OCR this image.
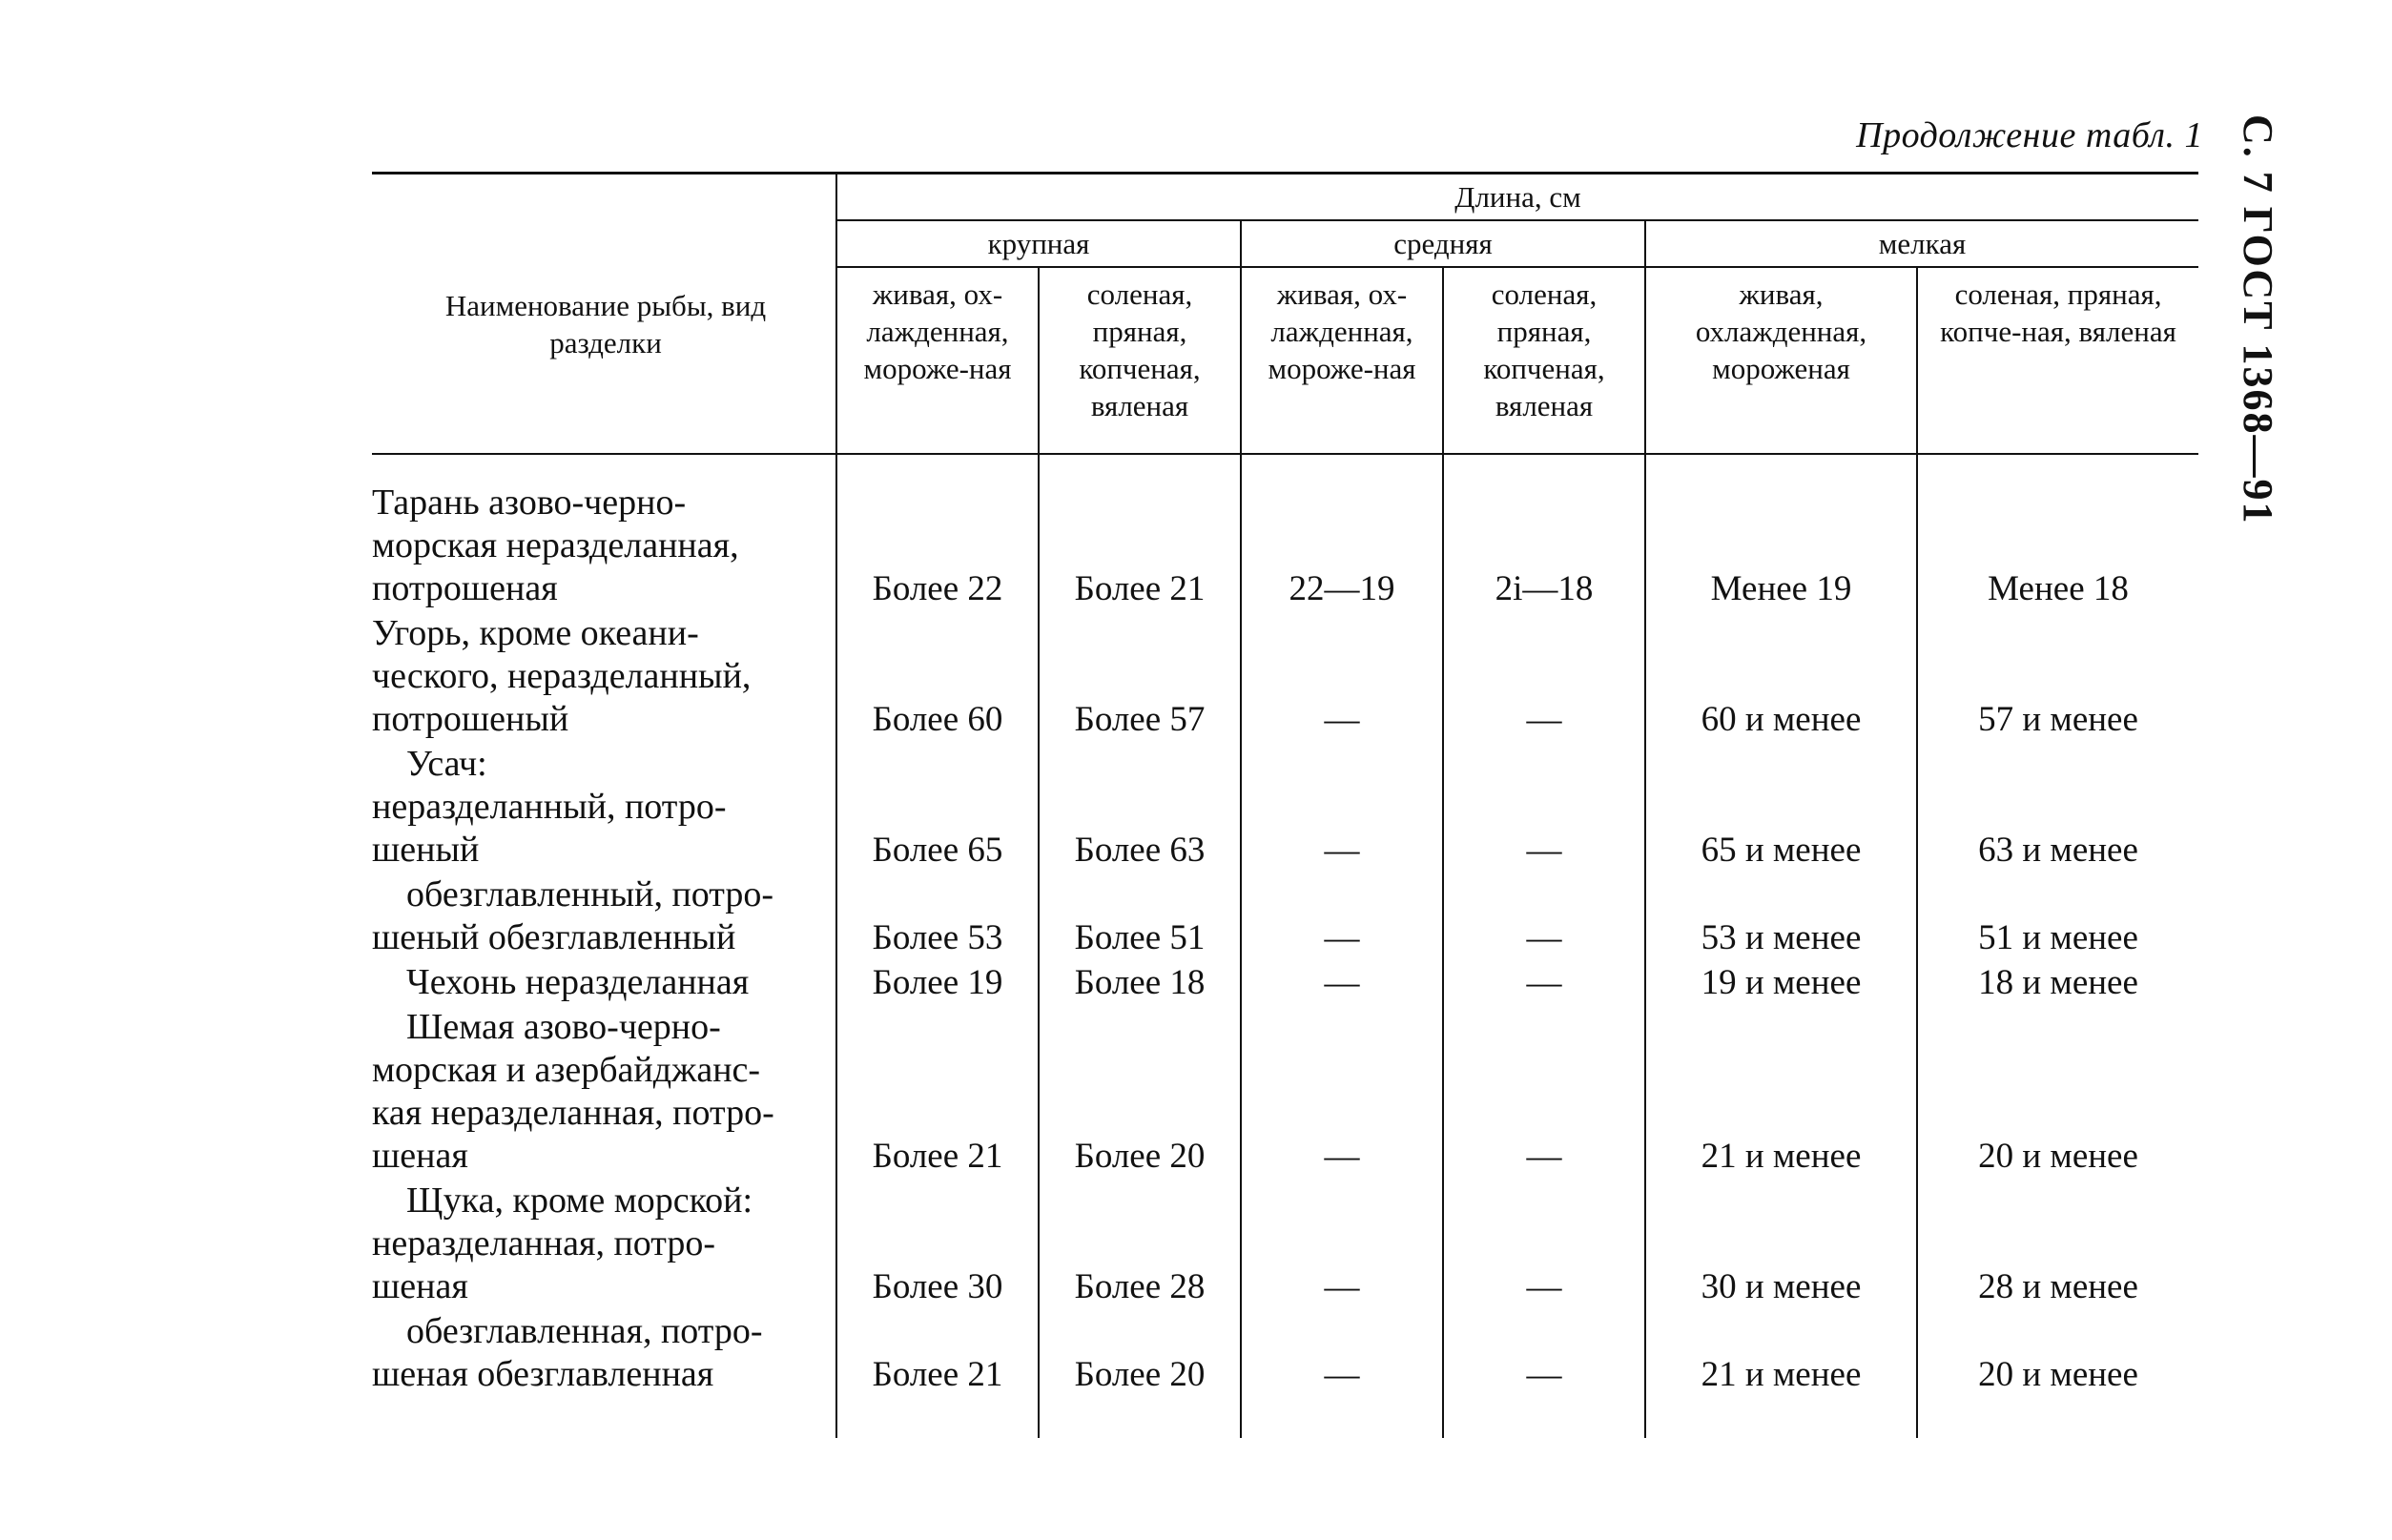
Продолжение табл. 1 С. 7 ГОСТ 1368—91
Наименование рыбы, вид разделки	Длина, см					
	крупная		средняя		мелкая	
	живая, ох-лажденная, мороже-ная	соленая, пряная, копченая, вяленая	живая, ох-лажденная, мороже-ная	соленая, пряная, копченая, вяленая	живая, охлажденная, мороженая	соленая, пряная, копче-ная, вяленая

Тарань азово-черно-
морская неразделанная,
потрошеная	Более 22	Более 21	22—19	2і—18	Менее 19	Менее 18

Угорь, кроме океани-
ческого, неразделанный,
потрошеный	Более 60	Более 57	—	—	60 и менее	57 и менее

Усач:
неразделанный, потро-
шеный	Более 65	Более 63	—	—	65 и менее	63 и менее

обезглавленный, потро-
шеный обезглавленный	Более 53	Более 51	—	—	53 и менее	51 и менее

Чехонь неразделанная	Более 19	Более 18	—	—	19 и менее	18 и менее

Шемая азово-черно-
морская и азербайджанс-
кая неразделанная, потро-
шеная	Более 21	Более 20	—	—	21 и менее	20 и менее

Щука, кроме морской:
неразделанная, потро-
шеная	Более 30	Более 28	—	—	30 и менее	28 и менее

обезглавленная, потро-
шеная обезглавленная	Более 21	Более 20	—	—	21 и менее	20 и менее
